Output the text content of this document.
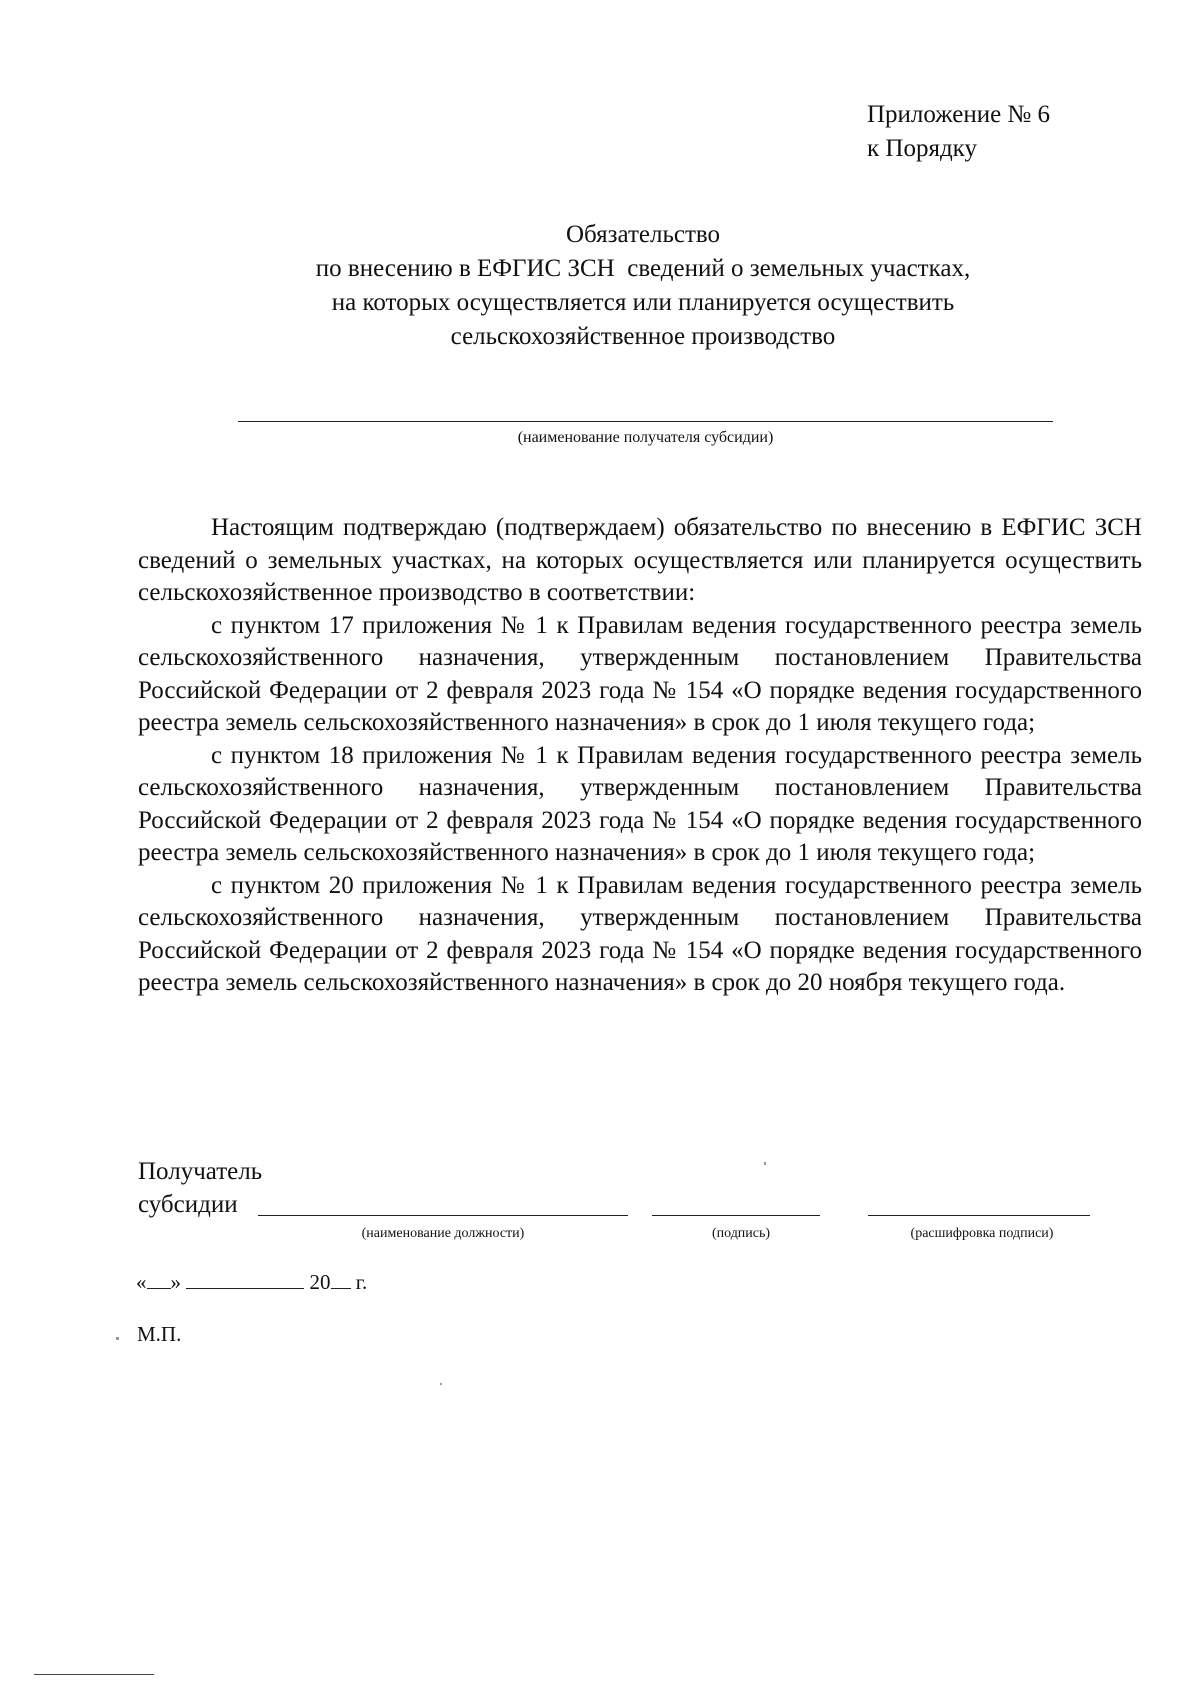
Приложение № 6
к Порядку
Обязательство
по внесению в ЕФГИС ЗСН  сведений о земельных участках,
на которых осуществляется или планируется осуществить
сельскохозяйственное производство
(наименование получателя субсидии)

Настоящим подтверждаю (подтверждаем) обязательство по внесению в ЕФГИС ЗСН сведений о земельных участках, на которых осуществляется или планируется осуществить сельскохозяйственное производство в соответствии:

с пунктом 17 приложения № 1 к Правилам ведения государственного реестра земель сельскохозяйственного назначения, утвержденным постановлением Правительства Российской Федерации от 2 февраля 2023 года № 154 «О порядке ведения государственного реестра земель сельскохозяйственного назначения» в срок до 1 июля текущего года;

с пунктом 18 приложения № 1 к Правилам ведения государственного реестра земель сельскохозяйственного назначения, утвержденным постановлением Правительства Российской Федерации от 2 февраля 2023 года № 154 «О порядке ведения государственного реестра земель сельскохозяйственного назначения» в срок до 1 июля текущего года;

с пунктом 20 приложения № 1 к Правилам ведения государственного реестра земель сельскохозяйственного назначения, утвержденным постановлением Правительства Российской Федерации от 2 февраля 2023 года № 154 «О порядке ведения государственного реестра земель сельскохозяйственного назначения» в срок до 20 ноября текущего года.

Получатель
субсидии
(наименование должности)	(подпись)	(расшифровка подписи)
« »	20 г.
М.П.
